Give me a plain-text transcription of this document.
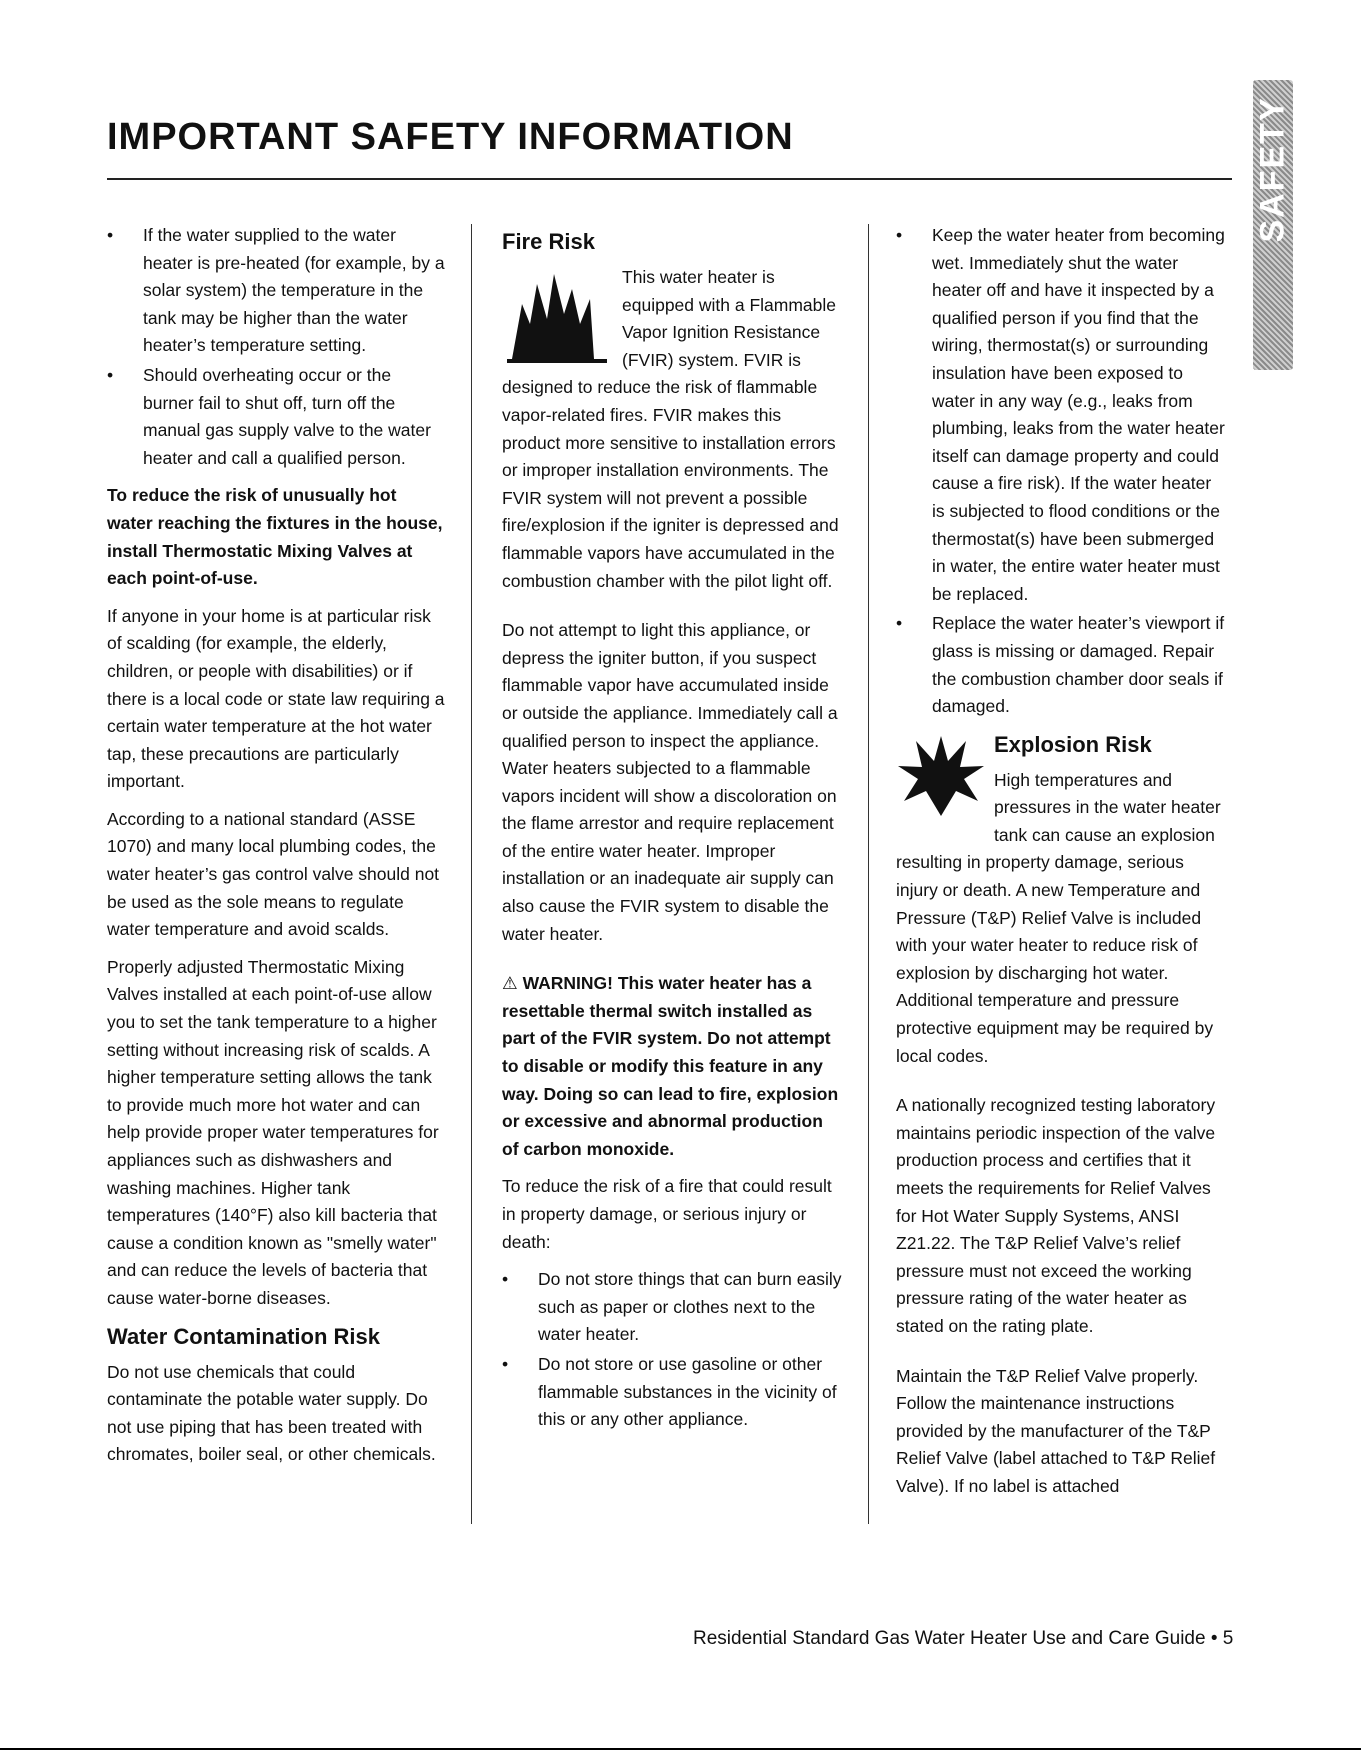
IMPORTANT SAFETY INFORMATION	SAFETY
• If the water supplied to the water heater is pre-heated (for example, by a solar system) the temperature in the tank may be higher than the water heater’s temperature setting.
• Should overheating occur or the burner fail to shut off, turn off the manual gas supply valve to the water heater and call a qualified person.

To reduce the risk of unusually hot water reaching the fixtures in the house, install Thermostatic Mixing Valves at each point-of-use.

If anyone in your home is at particular risk of scalding (for example, the elderly, children, or people with disabilities) or if there is a local code or state law requiring a certain water temperature at the hot water tap, these precautions are particularly important.

According to a national standard (ASSE 1070) and many local plumbing codes, the water heater’s gas control valve should not be used as the sole means to regulate water temperature and avoid scalds.

Properly adjusted Thermostatic Mixing Valves installed at each point-of-use allow you to set the tank temperature to a higher setting without increasing risk of scalds. A higher temperature setting allows the tank to provide much more hot water and can help provide proper water temperatures for appliances such as dishwashers and washing machines. Higher tank temperatures (140°F) also kill bacteria that cause a condition known as "smelly water" and can reduce the levels of bacteria that cause water-borne diseases.

Water Contamination Risk

Do not use chemicals that could contaminate the potable water supply. Do not use piping that has been treated with chromates, boiler seal, or other chemicals.

Fire Risk

This water heater is equipped with a Flammable Vapor Ignition Resistance (FVIR) system. FVIR is designed to reduce the risk of flammable vapor-related fires. FVIR makes this product more sensitive to installation errors or improper installation environments. The FVIR system will not prevent a possible fire/explosion if the igniter is depressed and flammable vapors have accumulated in the combustion chamber with the pilot light off.

Do not attempt to light this appliance, or depress the igniter button, if you suspect flammable vapor have accumulated inside or outside the appliance. Immediately call a qualified person to inspect the appliance. Water heaters subjected to a flammable vapors incident will show a discoloration on the flame arrestor and require replacement of the entire water heater. Improper installation or an inadequate air supply can also cause the FVIR system to disable the water heater.

⚠ WARNING! This water heater has a resettable thermal switch installed as part of the FVIR system. Do not attempt to disable or modify this feature in any way. Doing so can lead to fire, explosion or excessive and abnormal production of carbon monoxide.

To reduce the risk of a fire that could result in property damage, or serious injury or death:

• Do not store things that can burn easily such as paper or clothes next to the water heater.
• Do not store or use gasoline or other flammable substances in the vicinity of this or any other appliance.
• Keep the water heater from becoming wet. Immediately shut the water heater off and have it inspected by a qualified person if you find that the wiring, thermostat(s) or surrounding insulation have been exposed to water in any way (e.g., leaks from plumbing, leaks from the water heater itself can damage property and could cause a fire risk). If the water heater is subjected to flood conditions or the thermostat(s) have been submerged in water, the entire water heater must be replaced.
• Replace the water heater’s viewport if glass is missing or damaged. Repair the combustion chamber door seals if damaged.
Explosion Risk

High temperatures and pressures in the water heater tank can cause an explosion resulting in property damage, serious injury or death. A new Temperature and Pressure (T&P) Relief Valve is included with your water heater to reduce risk of explosion by discharging hot water. Additional temperature and pressure protective equipment may be required by local codes.

A nationally recognized testing laboratory maintains periodic inspection of the valve production process and certifies that it meets the requirements for Relief Valves for Hot Water Supply Systems, ANSI Z21.22. The T&P Relief Valve’s relief pressure must not exceed the working pressure rating of the water heater as stated on the rating plate.

Maintain the T&P Relief Valve properly. Follow the maintenance instructions provided by the manufacturer of the T&P Relief Valve (label attached to T&P Relief Valve). If no label is attached

Residential Standard Gas Water Heater Use and Care Guide • 5
